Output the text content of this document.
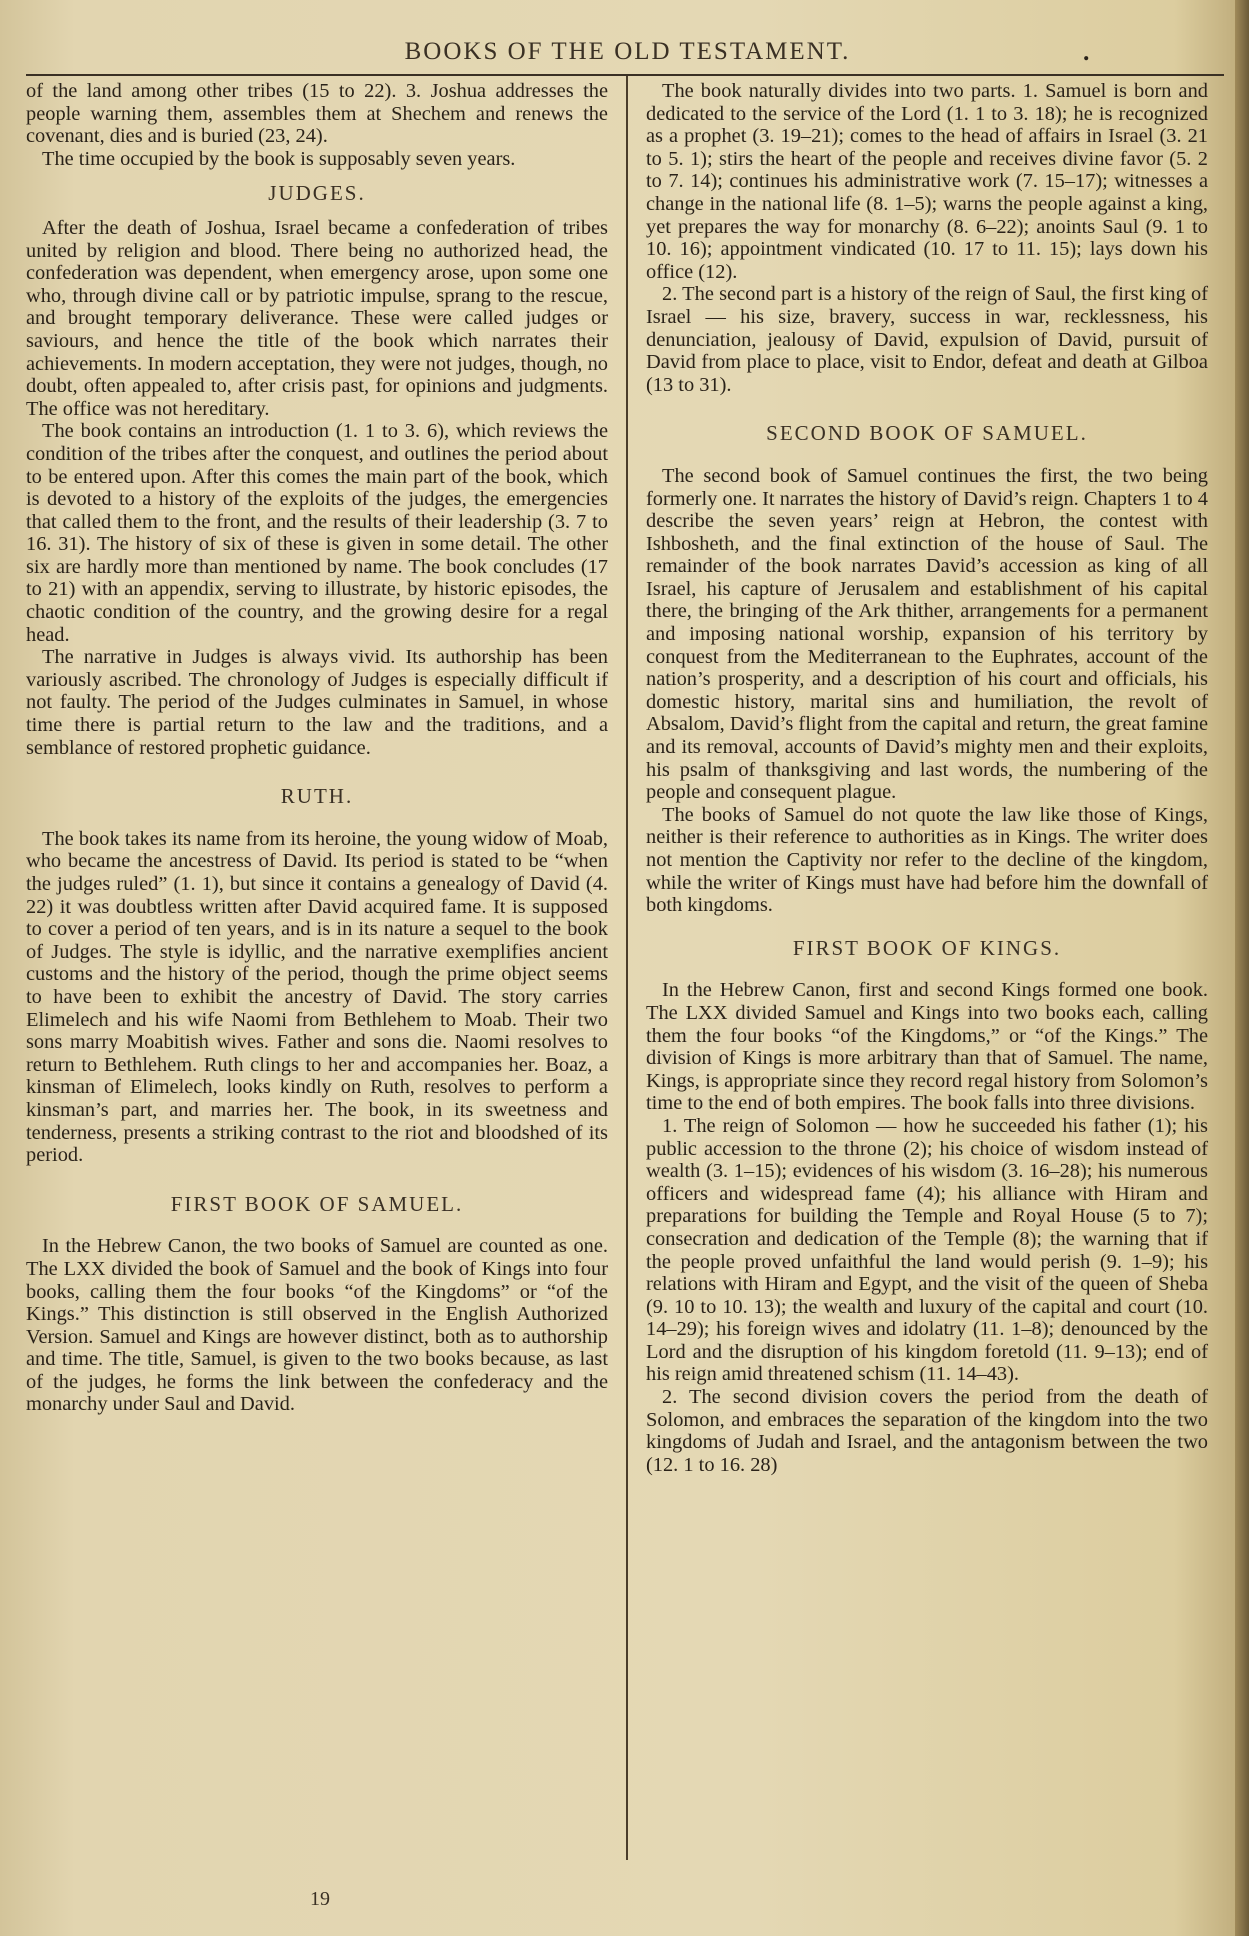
BOOKS OF THE OLD TESTAMENT.	.

of the land among other tribes (15 to 22). 3. Joshua addresses the people warning them, assembles them at Shechem and renews the covenant, dies and is buried (23, 24).

The time occupied by the book is supposably seven years.

JUDGES.

After the death of Joshua, Israel became a confederation of tribes united by religion and blood. There being no authorized head, the confederation was dependent, when emergency arose, upon some one who, through divine call or by patriotic impulse, sprang to the rescue, and brought temporary deliverance. These were called judges or saviours, and hence the title of the book which narrates their achievements. In modern acceptation, they were not judges, though, no doubt, often appealed to, after crisis past, for opinions and judgments. The office was not hereditary.

The book contains an introduction (1. 1 to 3. 6), which reviews the condition of the tribes after the conquest, and outlines the period about to be entered upon. After this comes the main part of the book, which is devoted to a history of the exploits of the judges, the emergencies that called them to the front, and the results of their leadership (3. 7 to 16. 31). The history of six of these is given in some detail. The other six are hardly more than mentioned by name. The book concludes (17 to 21) with an appendix, serving to illustrate, by historic episodes, the chaotic condition of the country, and the growing desire for a regal head.

The narrative in Judges is always vivid. Its authorship has been variously ascribed. The chronology of Judges is especially difficult if not faulty. The period of the Judges culminates in Samuel, in whose time there is partial return to the law and the traditions, and a semblance of restored prophetic guidance.

RUTH.

The book takes its name from its heroine, the young widow of Moab, who became the ancestress of David. Its period is stated to be “when the judges ruled” (1. 1), but since it contains a genealogy of David (4. 22) it was doubtless written after David acquired fame. It is supposed to cover a period of ten years, and is in its nature a sequel to the book of Judges. The style is idyllic, and the narrative exemplifies ancient customs and the history of the period, though the prime object seems to have been to exhibit the ancestry of David. The story carries Elimelech and his wife Naomi from Bethlehem to Moab. Their two sons marry Moabitish wives. Father and sons die. Naomi resolves to return to Bethlehem. Ruth clings to her and accompanies her. Boaz, a kinsman of Elimelech, looks kindly on Ruth, resolves to perform a kinsman’s part, and marries her. The book, in its sweetness and tenderness, presents a striking contrast to the riot and bloodshed of its period.

FIRST BOOK OF SAMUEL.

In the Hebrew Canon, the two books of Samuel are counted as one. The LXX divided the book of Samuel and the book of Kings into four books, calling them the four books “of the Kingdoms” or “of the Kings.” This distinction is still observed in the English Authorized Version. Samuel and Kings are however distinct, both as to authorship and time. The title, Samuel, is given to the two books because, as last of the judges, he forms the link between the confederacy and the monarchy under Saul and David.

The book naturally divides into two parts. 1. Samuel is born and dedicated to the service of the Lord (1. 1 to 3. 18); he is recognized as a prophet (3. 19–21); comes to the head of affairs in Israel (3. 21 to 5. 1); stirs the heart of the people and receives divine favor (5. 2 to 7. 14); continues his administrative work (7. 15–17); witnesses a change in the national life (8. 1–5); warns the people against a king, yet prepares the way for monarchy (8. 6–22); anoints Saul (9. 1 to 10. 16); appointment vindicated (10. 17 to 11. 15); lays down his office (12).

2. The second part is a history of the reign of Saul, the first king of Israel — his size, bravery, success in war, recklessness, his denunciation, jealousy of David, expulsion of David, pursuit of David from place to place, visit to Endor, defeat and death at Gilboa (13 to 31).

SECOND BOOK OF SAMUEL.

The second book of Samuel continues the first, the two being formerly one. It narrates the history of David’s reign. Chapters 1 to 4 describe the seven years’ reign at Hebron, the contest with Ishbosheth, and the final extinction of the house of Saul. The remainder of the book narrates David’s accession as king of all Israel, his capture of Jerusalem and establishment of his capital there, the bringing of the Ark thither, arrangements for a permanent and imposing national worship, expansion of his territory by conquest from the Mediterranean to the Euphrates, account of the nation’s prosperity, and a description of his court and officials, his domestic history, marital sins and humiliation, the revolt of Absalom, David’s flight from the capital and return, the great famine and its removal, accounts of David’s mighty men and their exploits, his psalm of thanksgiving and last words, the numbering of the people and consequent plague.

The books of Samuel do not quote the law like those of Kings, neither is their reference to authorities as in Kings. The writer does not mention the Captivity nor refer to the decline of the kingdom, while the writer of Kings must have had before him the downfall of both kingdoms.

FIRST BOOK OF KINGS.

In the Hebrew Canon, first and second Kings formed one book. The LXX divided Samuel and Kings into two books each, calling them the four books “of the Kingdoms,” or “of the Kings.” The division of Kings is more arbitrary than that of Samuel. The name, Kings, is appropriate since they record regal history from Solomon’s time to the end of both empires. The book falls into three divisions.

1. The reign of Solomon — how he succeeded his father (1); his public accession to the throne (2); his choice of wisdom instead of wealth (3. 1–15); evidences of his wisdom (3. 16–28); his numerous officers and widespread fame (4); his alliance with Hiram and preparations for building the Temple and Royal House (5 to 7); consecration and dedication of the Temple (8); the warning that if the people proved unfaithful the land would perish (9. 1–9); his relations with Hiram and Egypt, and the visit of the queen of Sheba (9. 10 to 10. 13); the wealth and luxury of the capital and court (10. 14–29); his foreign wives and idolatry (11. 1–8); denounced by the Lord and the disruption of his kingdom foretold (11. 9–13); end of his reign amid threatened schism (11. 14–43).

2. The second division covers the period from the death of Solomon, and embraces the separation of the kingdom into the two kingdoms of Judah and Israel, and the antagonism between the two (12. 1 to 16. 28)

19
